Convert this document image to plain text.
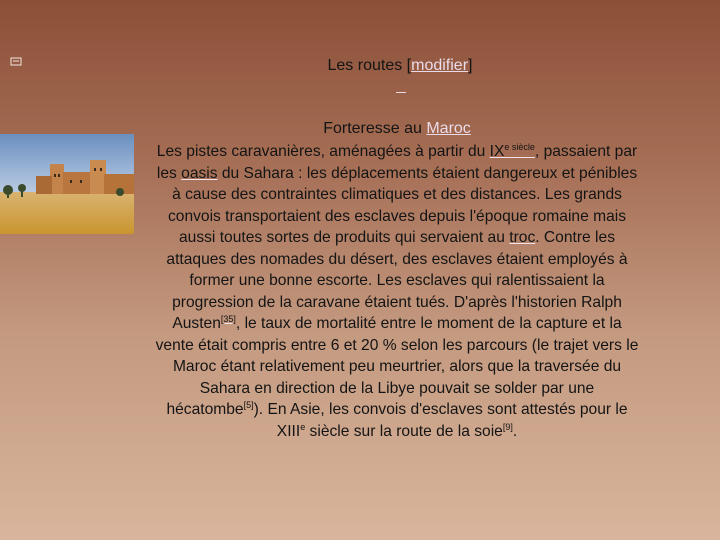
Les routes [modifier]
Forteresse au Maroc
Les pistes caravanières, aménagées à partir du $IX^{e siècle}$, passaient par les oasis du Sahara : les déplacements étaient dangereux et pénibles à cause des contraintes climatiques et des distances. Les grands convois transportaient des esclaves depuis l'époque romaine mais aussi toutes sortes de produits qui servaient au troc. Contre les attaques des nomades du désert, des esclaves étaient employés à former une bonne escorte. Les esclaves qui ralentissaient la progression de la caravane étaient tués. D'après l'historien Ralph Austen[35], le taux de mortalité entre le moment de la capture et la vente était compris entre 6 et 20 % selon les parcours (le trajet vers le Maroc étant relativement peu meurtrier, alors que la traversée du Sahara en direction de la Libye pouvait se solder par une hécatombe[5]). En Asie, les convois d'esclaves sont attestés pour le XIIIe siècle sur la route de la soie[9].
